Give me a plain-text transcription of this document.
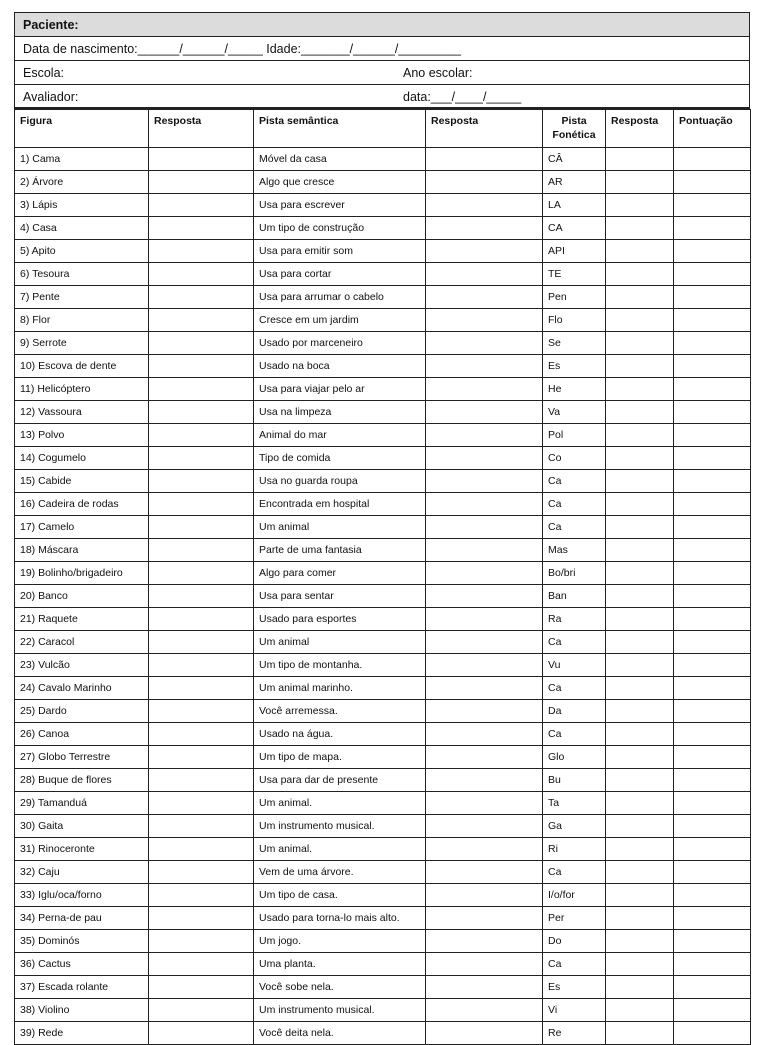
Paciente:
Data de nascimento:______/______/_____ Idade:_______/______/_________
Escola:	Ano escolar:
Avaliador:	data:___/____/_____
Figura	Resposta	Pista semântica	Resposta	Pista Fonética	Resposta	Pontuação
1) Cama		Móvel da casa		CÂ		
2) Árvore		Algo que cresce		AR		
3) Lápis		Usa para escrever		LA		
4) Casa		Um tipo de construção		CA		
5) Apito		Usa para emitir som		API		
6) Tesoura		Usa para cortar		TE		
7) Pente		Usa para arrumar o cabelo		Pen		
8) Flor		Cresce em um jardim		Flo		
9) Serrote		Usado por marceneiro		Se		
10) Escova de dente		Usado na boca		Es		
11) Helicóptero		Usa para viajar pelo ar		He		
12) Vassoura		Usa na limpeza		Va		
13) Polvo		Animal do mar		Pol		
14) Cogumelo		Tipo de comida		Co		
15) Cabide		Usa no guarda roupa		Ca		
16) Cadeira de rodas		Encontrada em hospital		Ca		
17) Camelo		Um animal		Ca		
18) Máscara		Parte de uma fantasia		Mas		
19) Bolinho/brigadeiro		Algo para comer		Bo/bri		
20) Banco		Usa para sentar		Ban		
21) Raquete		Usado para esportes		Ra		
22) Caracol		Um animal		Ca		
23) Vulcão		Um tipo de montanha.		Vu		
24) Cavalo Marinho		Um animal marinho.		Ca		
25) Dardo		Você arremessa.		Da		
26) Canoa		Usado na água.		Ca		
27) Globo Terrestre		Um tipo de mapa.		Glo		
28) Buque de flores		Usa para dar de presente		Bu		
29) Tamanduá		Um animal.		Ta		
30) Gaita		Um instrumento musical.		Ga		
31) Rinoceronte		Um animal.		Ri		
32) Caju		Vem de uma árvore.		Ca		
33) Iglu/oca/forno		Um tipo de casa.		I/o/for		
34) Perna-de pau		Usado para torna-lo mais alto.		Per		
35) Dominós		Um jogo.		Do		
36) Cactus		Uma planta.		Ca		
37) Escada rolante		Você sobe nela.		Es		
38) Violino		Um instrumento musical.		Vi		
39) Rede		Você deita nela.		Re		
